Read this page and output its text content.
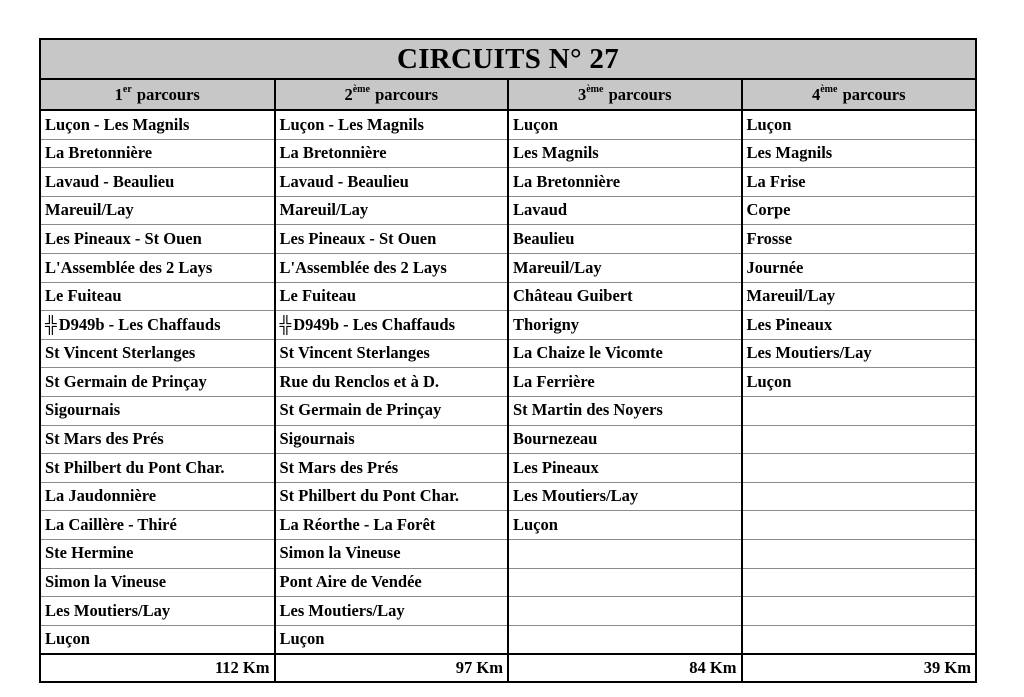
CIRCUITS N° 27
1er parcours	2ème parcours	3ème parcours	4ème parcours
Luçon - Les Magnils	Luçon - Les Magnils	Luçon	Luçon
La Bretonnière	La Bretonnière	Les Magnils	Les Magnils
Lavaud - Beaulieu	Lavaud - Beaulieu	La Bretonnière	La Frise
Mareuil/Lay	Mareuil/Lay	Lavaud	Corpe
Les Pineaux - St Ouen	Les Pineaux - St Ouen	Beaulieu	Frosse
L'Assemblée des 2 Lays	L'Assemblée des 2 Lays	Mareuil/Lay	Journée
Le Fuiteau	Le Fuiteau	Château Guibert	Mareuil/Lay
╬ D949b - Les Chaffauds	╬ D949b - Les Chaffauds	Thorigny	Les Pineaux
St Vincent Sterlanges	St Vincent Sterlanges	La Chaize le Vicomte	Les Moutiers/Lay
St Germain de Prinçay	Rue du Renclos et à D.	La Ferrière	Luçon
Sigournais	St Germain de Prinçay	St Martin des Noyers	
St Mars des Prés	Sigournais	Bournezeau	
St Philbert du Pont Char.	St Mars des Prés	Les Pineaux	
La Jaudonnière	St Philbert du Pont Char.	Les Moutiers/Lay	
La Caillère - Thiré	La Réorthe - La Forêt	Luçon	
Ste Hermine	Simon la Vineuse		
Simon la Vineuse	Pont Aire de Vendée		
Les Moutiers/Lay	Les Moutiers/Lay		
Luçon	Luçon		
112 Km	97 Km	84 Km	39 Km
